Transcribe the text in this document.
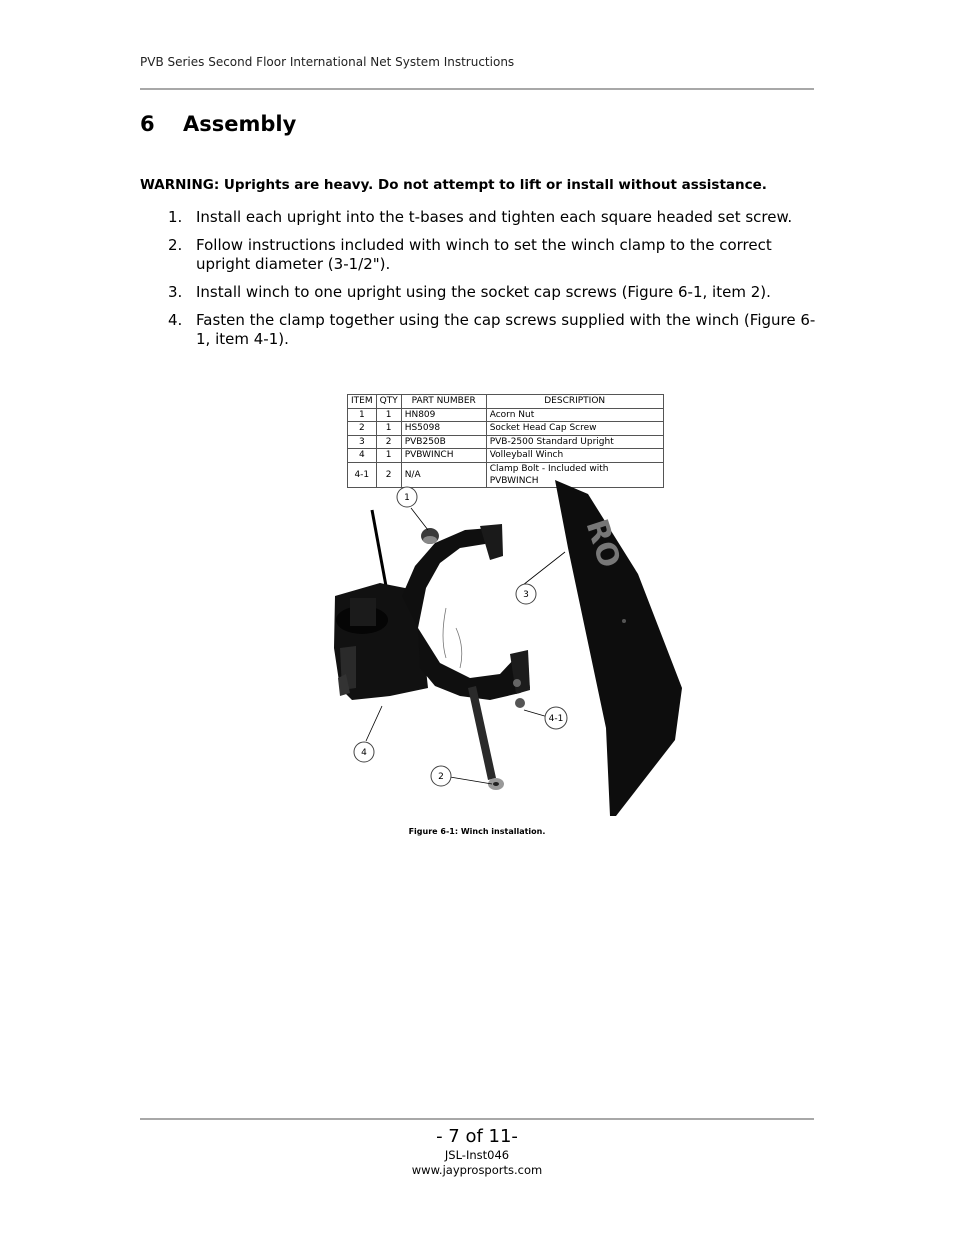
PVB Series Second Floor International Net System Instructions
6 Assembly
WARNING: Uprights are heavy. Do not attempt to lift or install without assistance.
1. Install each upright into the t-bases and tighten each square headed set screw.
2. Follow instructions included with winch to set the winch clamp to the correct upright diameter (3-1/2").
3. Install winch to one upright using the socket cap screws (Figure 6-1, item 2).
4. Fasten the clamp together using the cap screws supplied with the winch (Figure 6-1, item 4-1).
ITEM	QTY	PART NUMBER	DESCRIPTION
1	1	HN809	Acorn Nut
2	1	HS5098	Socket Head Cap Screw
3	2	PVB250B	PVB-2500 Standard Upright
4	1	PVBWINCH	Volleyball Winch
4-1	2	N/A	Clamp Bolt - Included with PVBWINCH
RO
1
3
4-1
4
2
Figure 6-1: Winch installation.
- 7 of 11-
JSL-Inst046
www.jayprosports.com
